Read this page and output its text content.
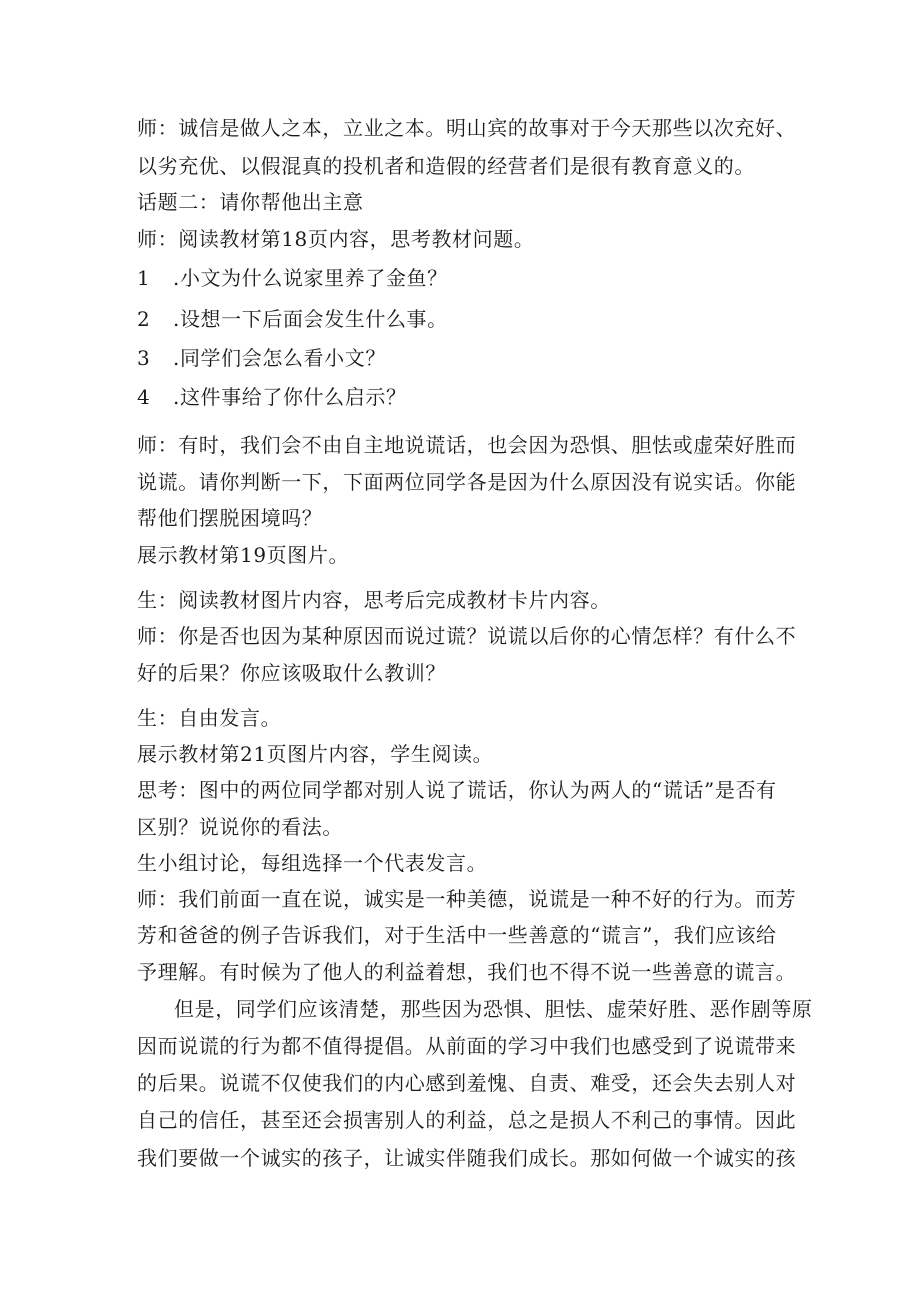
师：诚信是做人之本，立业之本。明山宾的故事对于今天那些以次充好、
以劣充优、以假混真的投机者和造假的经营者们是很有教育意义的。
话题二：请你帮他出主意
师：阅读教材第18页内容，思考教材问题。
1 .小文为什么说家里养了金鱼？
2 .设想一下后面会发生什么事。
3 .同学们会怎么看小文？
4 .这件事给了你什么启示？
师：有时，我们会不由自主地说谎话，也会因为恐惧、胆怯或虚荣好胜而
说谎。请你判断一下，下面两位同学各是因为什么原因没有说实话。你能
帮他们摆脱困境吗？
展示教材第19页图片。
生：阅读教材图片内容，思考后完成教材卡片内容。
师：你是否也因为某种原因而说过谎？说谎以后你的心情怎样？有什么不
好的后果？你应该吸取什么教训？
生：自由发言。
展示教材第21页图片内容，学生阅读。
思考：图中的两位同学都对别人说了谎话，你认为两人的“谎话”是否有
区别？说说你的看法。
生小组讨论，每组选择一个代表发言。
师：我们前面一直在说，诚实是一种美德，说谎是一种不好的行为。而芳
芳和爸爸的例子告诉我们，对于生活中一些善意的“谎言”，我们应该给
予理解。有时候为了他人的利益着想，我们也不得不说一些善意的谎言。
但是，同学们应该清楚，那些因为恐惧、胆怯、虚荣好胜、恶作剧等原
因而说谎的行为都不值得提倡。从前面的学习中我们也感受到了说谎带来
的后果。说谎不仅使我们的内心感到羞愧、自责、难受，还会失去别人对
自己的信任，甚至还会损害别人的利益，总之是损人不利己的事情。因此
我们要做一个诚实的孩子，让诚实伴随我们成长。那如何做一个诚实的孩
